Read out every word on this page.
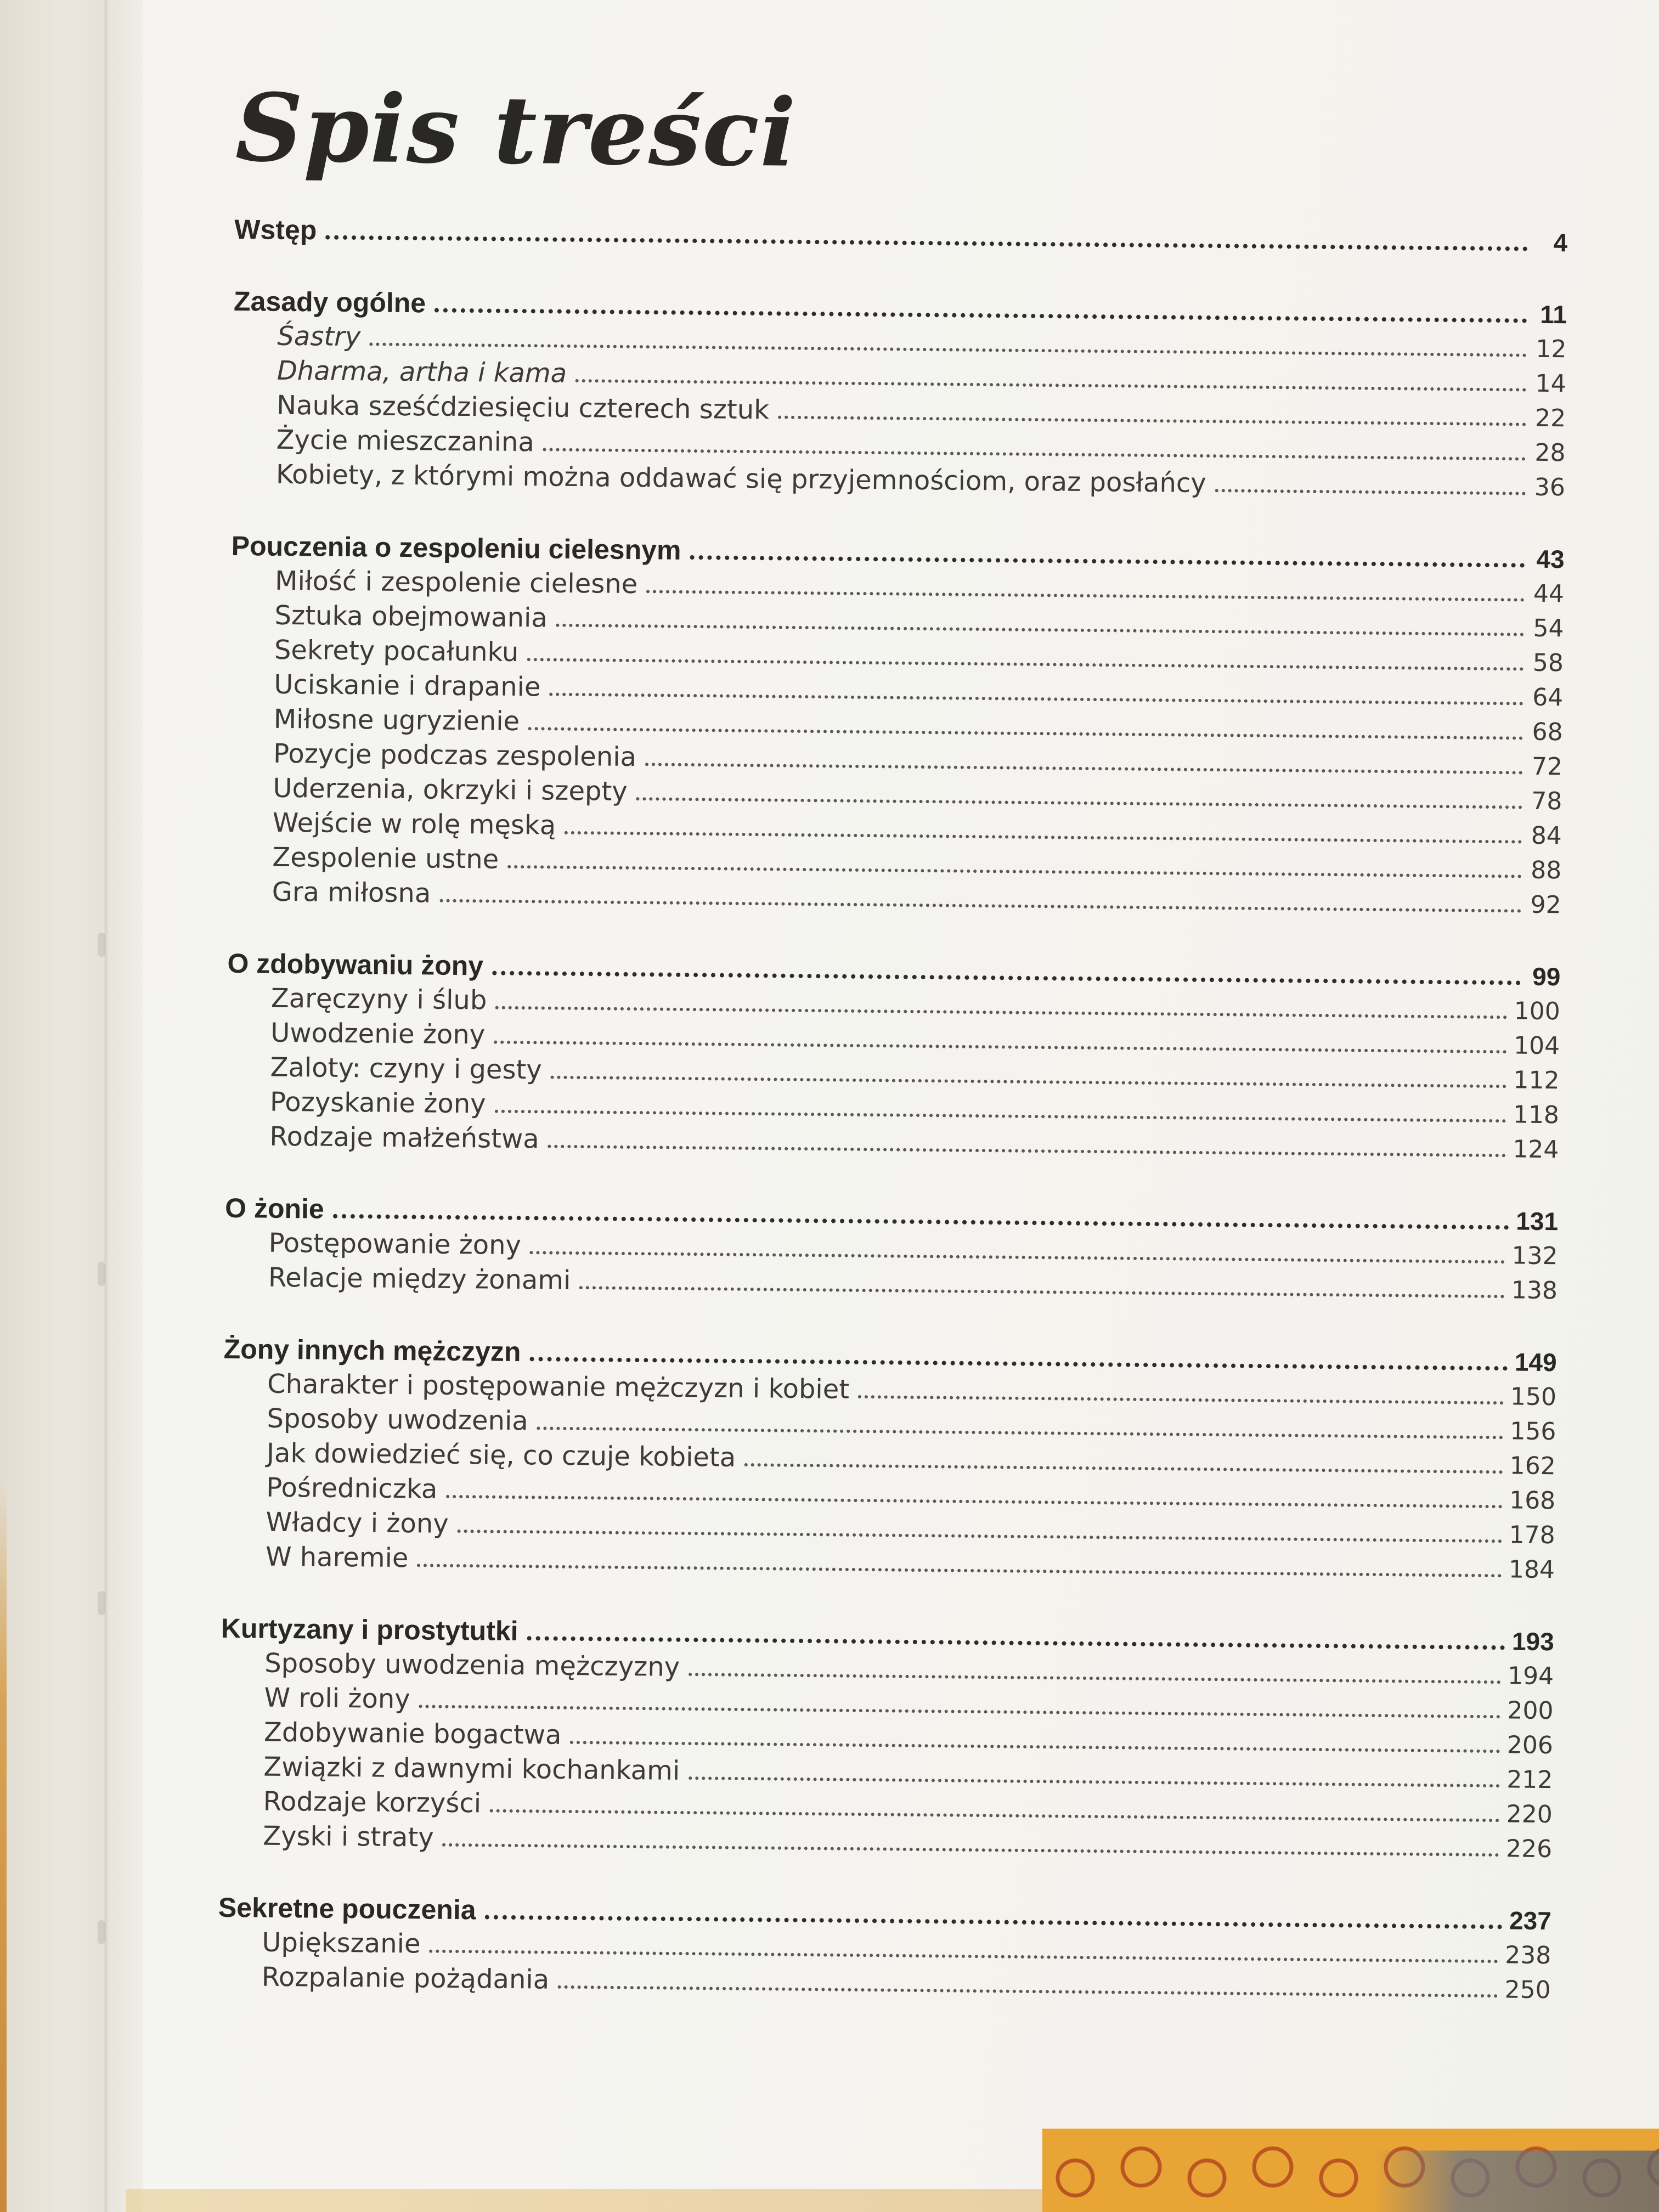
Spis treści
Wstęp	4
Zasady ogólne	11
Śastry	12
Dharma, artha i kama	14
Nauka sześćdziesięciu czterech sztuk	22
Życie mieszczanina	28
Kobiety, z którymi można oddawać się przyjemnościom, oraz posłańcy	36
Pouczenia o zespoleniu cielesnym	43
Miłość i zespolenie cielesne	44
Sztuka obejmowania	54
Sekrety pocałunku	58
Uciskanie i drapanie	64
Miłosne ugryzienie	68
Pozycje podczas zespolenia	72
Uderzenia, okrzyki i szepty	78
Wejście w rolę męską	84
Zespolenie ustne	88
Gra miłosna	92
O zdobywaniu żony	99
Zaręczyny i ślub	100
Uwodzenie żony	104
Zaloty: czyny i gesty	112
Pozyskanie żony	118
Rodzaje małżeństwa	124
O żonie	131
Postępowanie żony	132
Relacje między żonami	138
Żony innych mężczyzn	149
Charakter i postępowanie mężczyzn i kobiet	150
Sposoby uwodzenia	156
Jak dowiedzieć się, co czuje kobieta	162
Pośredniczka	168
Władcy i żony	178
W haremie	184
Kurtyzany i prostytutki	193
Sposoby uwodzenia mężczyzny	194
W roli żony	200
Zdobywanie bogactwa	206
Związki z dawnymi kochankami	212
Rodzaje korzyści	220
Zyski i straty	226
Sekretne pouczenia	237
Upiększanie	238
Rozpalanie pożądania	250
